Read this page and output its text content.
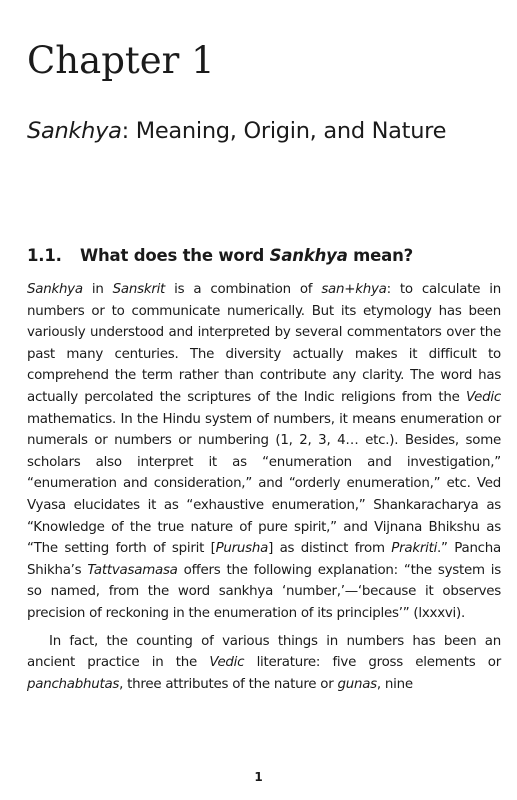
Chapter 1
Sankhya: Meaning, Origin, and Nature
1.1. What does the word Sankhya mean?

Sankhya in Sanskrit is a combination of san+khya: to calculate in numbers or to communicate numerically. But its etymology has been variously understood and interpreted by several commentators over the past many centuries. The diversity actually makes it difficult to comprehend the term rather than contribute any clarity. The word has actually percolated the scriptures of the Indic religions from the Vedic mathematics. In the Hindu system of numbers, it means enumeration or numerals or numbers or numbering (1, 2, 3, 4… etc.). Besides, some scholars also interpret it as “enumeration and investigation,” “enumeration and consideration,” and “orderly enumeration,” etc. Ved Vyasa elucidates it as “exhaustive enumeration,” Shankaracharya as “Knowledge of the true nature of pure spirit,” and Vijnana Bhikshu as “The setting forth of spirit [Purusha] as distinct from Prakriti.” Pancha Shikha’s Tattvasamasa offers the following explanation: “the system is so named, from the word sankhya ‘number,’—‘because it observes precision of reckoning in the enumeration of its principles’” (lxxxvi).

In fact, the counting of various things in numbers has been an ancient practice in the Vedic literature: five gross elements or panchabhutas, three attributes of the nature or gunas, nine

1
